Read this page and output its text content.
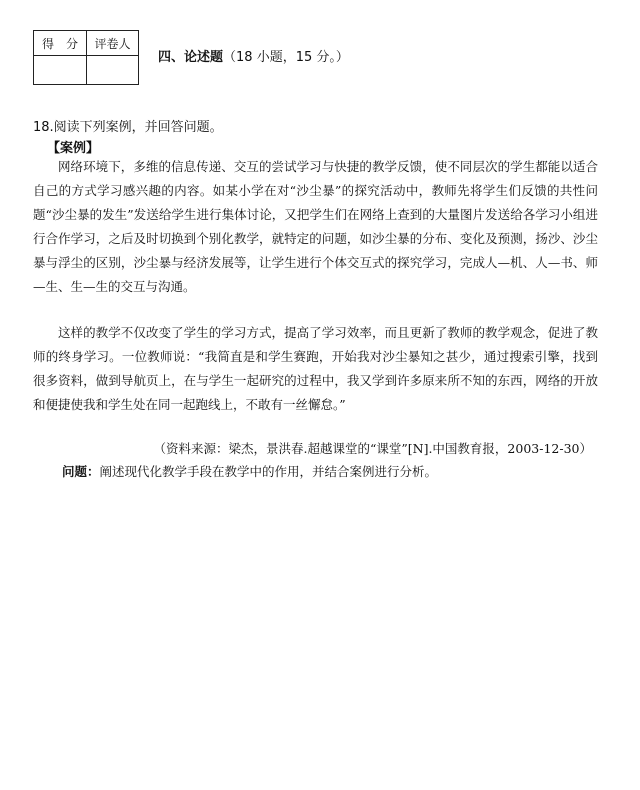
得　分	评卷人

四、论述题（18 小题，15 分。）
18.阅读下列案例，并回答问题。
【案例】

网络环境下，多维的信息传递、交互的尝试学习与快捷的教学反馈，使不同层次的学生都能以适合自己的方式学习感兴趣的内容。如某小学在对“沙尘暴”的探究活动中，教师先将学生们反馈的共性问题“沙尘暴的发生”发送给学生进行集体讨论，又把学生们在网络上查到的大量图片发送给各学习小组进行合作学习，之后及时切换到个别化教学，就特定的问题，如沙尘暴的分布、变化及预测，扬沙、沙尘暴与浮尘的区别，沙尘暴与经济发展等，让学生进行个体交互式的探究学习，完成人—机、人—书、师—生、生—生的交互与沟通。

这样的教学不仅改变了学生的学习方式，提高了学习效率，而且更新了教师的教学观念，促进了教师的终身学习。一位教师说：“我简直是和学生赛跑，开始我对沙尘暴知之甚少，通过搜索引擎，找到很多资料，做到导航页上，在与学生一起研究的过程中，我又学到许多原来所不知的东西，网络的开放和便捷使我和学生处在同一起跑线上，不敢有一丝懈怠。”

（资料来源：梁杰，景洪春.超越课堂的“课堂”[N].中国教育报，2003-12-30）
问题：阐述现代化教学手段在教学中的作用，并结合案例进行分析。
